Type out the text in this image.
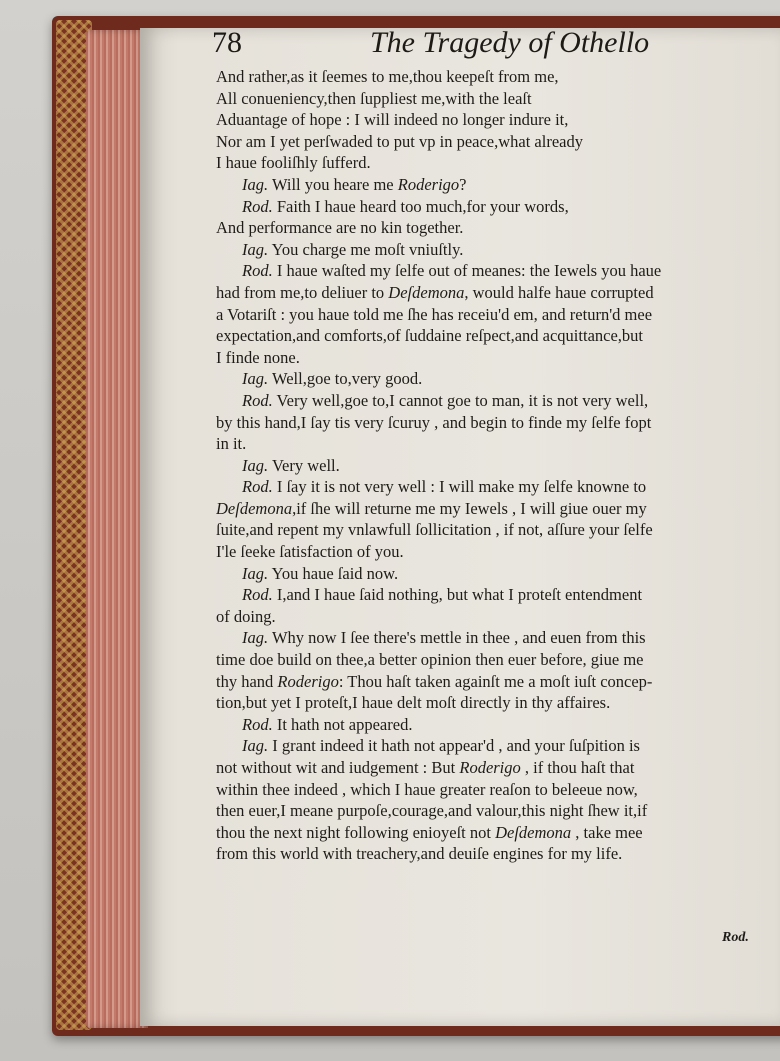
78	The Tragedy of Othello
And rather,as it ſeemes to me,thou keepeſt from me,
All conueniency,then ſuppliest me,with the leaſt
Aduantage of hope : I will indeed no longer indure it,
Nor am I yet perſwaded to put vp in peace,what already
I haue fooliſhly ſufferd.
Iag. Will you heare me Roderigo?
Rod. Faith I haue heard too much,for your words,
And performance are no kin together.
Iag. You charge me moſt vniuſtly.
Rod. I haue waſted my ſelfe out of meanes: the Iewels you haue
had from me,to deliuer to Deſdemona, would halfe haue corrupted
a Votariſt : you haue told me ſhe has receiu'd em, and return'd mee
expectation,and comforts,of ſuddaine reſpect,and acquittance,but
I finde none.
Iag. Well,goe to,very good.
Rod. Very well,goe to,I cannot goe to man, it is not very well,
by this hand,I ſay tis very ſcuruy , and begin to finde my ſelfe fopt
in it.
Iag. Very well.
Rod. I ſay it is not very well : I will make my ſelfe knowne to
Deſdemona,if ſhe will returne me my Iewels , I will giue ouer my
ſuite,and repent my vnlawfull ſollicitation , if not, aſſure your ſelfe
I'le ſeeke ſatisfaction of you.
Iag. You haue ſaid now.
Rod. I,and I haue ſaid nothing, but what I proteſt entendment
of doing.
Iag. Why now I ſee there's mettle in thee , and euen from this
time doe build on thee,a better opinion then euer before, giue me
thy hand Roderigo: Thou haſt taken againſt me a moſt iuſt concep-
tion,but yet I proteſt,I haue delt moſt directly in thy affaires.
Rod. It hath not appeared.
Iag. I grant indeed it hath not appear'd , and your ſuſpition is
not without wit and iudgement : But Roderigo , if thou haſt that
within thee indeed , which I haue greater reaſon to beleeue now,
then euer,I meane purpoſe,courage,and valour,this night ſhew it,if
thou the next night following enioyeſt not Deſdemona , take mee
from this world with treachery,and deuiſe engines for my life.
Rod.
